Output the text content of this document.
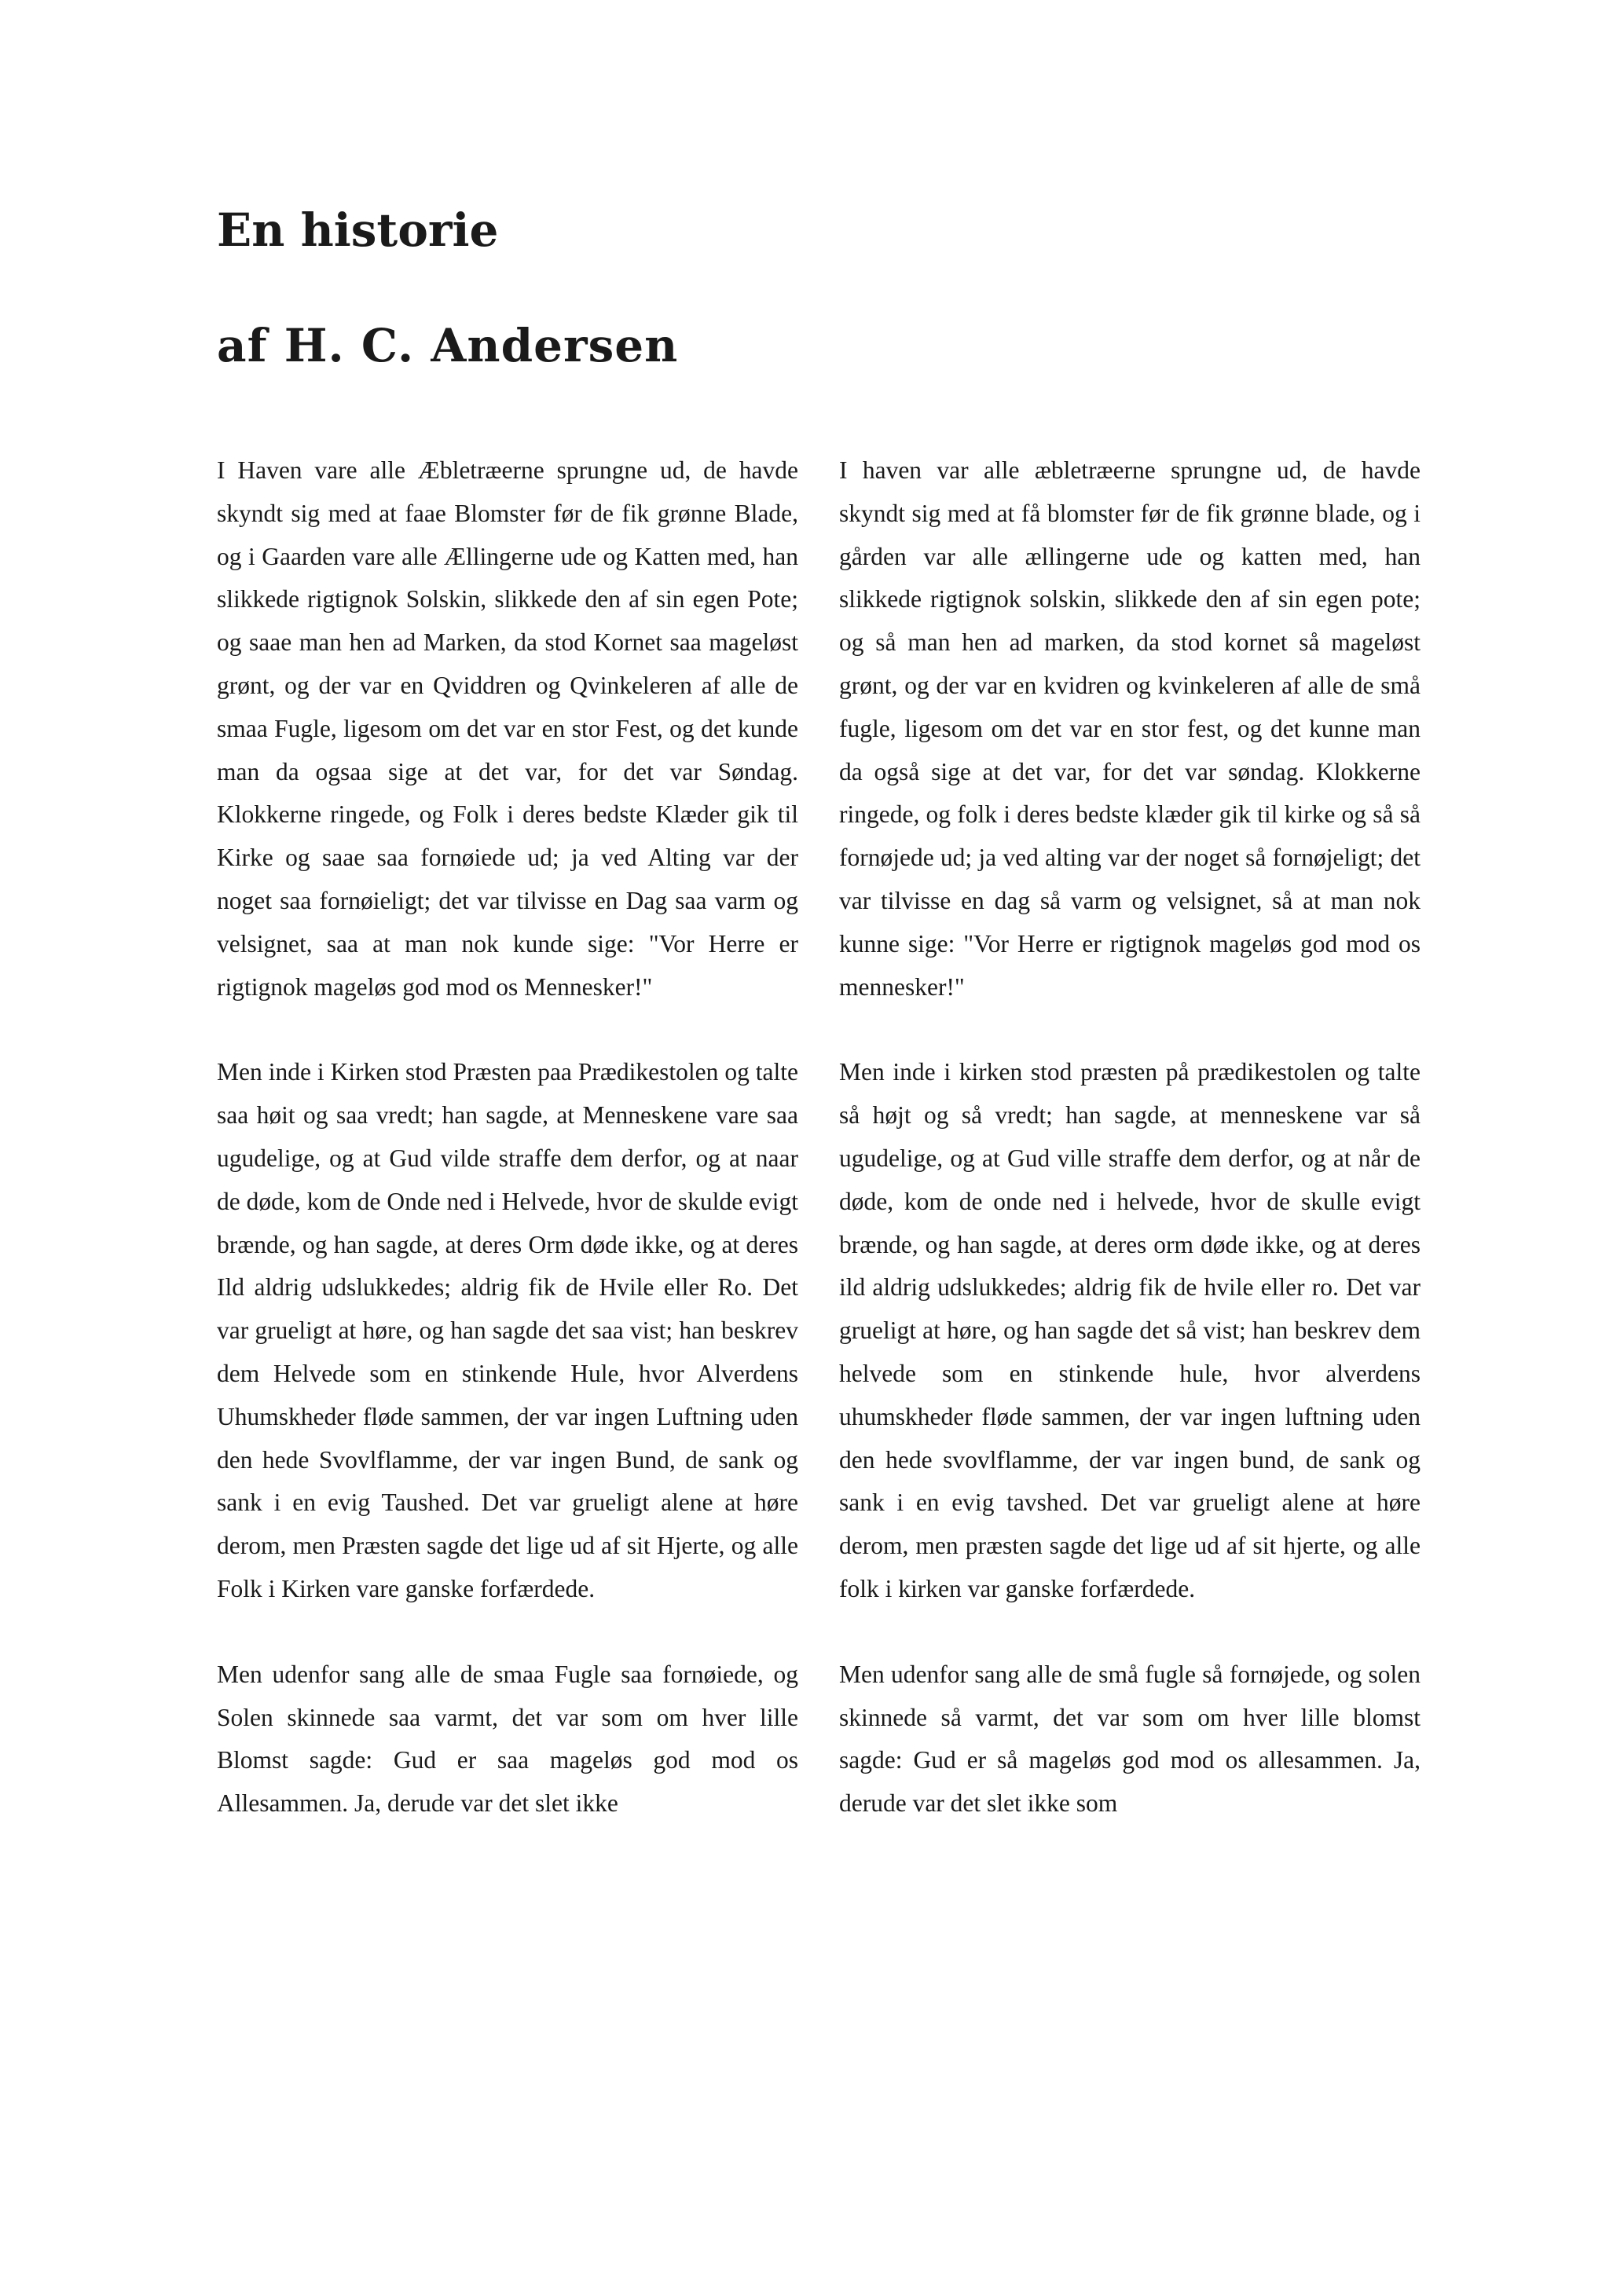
En historie
af H. C. Andersen

I Haven vare alle Æbletræerne sprungne ud, de havde skyndt sig med at faae Blomster før de fik grønne Blade, og i Gaarden vare alle Ællingerne ude og Katten med, han slikkede rigtignok Solskin, slikkede den af sin egen Pote; og saae man hen ad Marken, da stod Kornet saa mageløst grønt, og der var en Qviddren og Qvinkeleren af alle de smaa Fugle, ligesom om det var en stor Fest, og det kunde man da ogsaa sige at det var, for det var Søndag. Klokkerne ringede, og Folk i deres bedste Klæder gik til Kirke og saae saa fornøiede ud; ja ved Alting var der noget saa fornøieligt; det var tilvisse en Dag saa varm og velsignet, saa at man nok kunde sige: "Vor Herre er rigtignok mageløs god mod os Mennesker!"

Men inde i Kirken stod Præsten paa Prædikestolen og talte saa høit og saa vredt; han sagde, at Menneskene vare saa ugudelige, og at Gud vilde straffe dem derfor, og at naar de døde, kom de Onde ned i Helvede, hvor de skulde evigt brænde, og han sagde, at deres Orm døde ikke, og at deres Ild aldrig udslukkedes; aldrig fik de Hvile eller Ro. Det var grueligt at høre, og han sagde det saa vist; han beskrev dem Helvede som en stinkende Hule, hvor Alverdens Uhumskheder fløde sammen, der var ingen Luftning uden den hede Svovlflamme, der var ingen Bund, de sank og sank i en evig Taushed. Det var grueligt alene at høre derom, men Præsten sagde det lige ud af sit Hjerte, og alle Folk i Kirken vare ganske forfærdede.

Men udenfor sang alle de smaa Fugle saa fornøiede, og Solen skinnede saa varmt, det var som om hver lille Blomst sagde: Gud er saa mageløs god mod os Allesammen. Ja, derude var det slet ikke

I haven var alle æbletræerne sprungne ud, de havde skyndt sig med at få blomster før de fik grønne blade, og i gården var alle ællingerne ude og katten med, han slikkede rigtignok solskin, slikkede den af sin egen pote; og så man hen ad marken, da stod kornet så mageløst grønt, og der var en kvidren og kvinkeleren af alle de små fugle, ligesom om det var en stor fest, og det kunne man da også sige at det var, for det var søndag. Klokkerne ringede, og folk i deres bedste klæder gik til kirke og så så fornøjede ud; ja ved alting var der noget så fornøjeligt; det var tilvisse en dag så varm og velsignet, så at man nok kunne sige: "Vor Herre er rigtignok mageløs god mod os mennesker!"

Men inde i kirken stod præsten på prædikestolen og talte så højt og så vredt; han sagde, at menneskene var så ugudelige, og at Gud ville straffe dem derfor, og at når de døde, kom de onde ned i helvede, hvor de skulle evigt brænde, og han sagde, at deres orm døde ikke, og at deres ild aldrig udslukkedes; aldrig fik de hvile eller ro. Det var grueligt at høre, og han sagde det så vist; han beskrev dem helvede som en stinkende hule, hvor alverdens uhumskheder fløde sammen, der var ingen luftning uden den hede svovlflamme, der var ingen bund, de sank og sank i en evig tavshed. Det var grueligt alene at høre derom, men præsten sagde det lige ud af sit hjerte, og alle folk i kirken var ganske forfærdede.

Men udenfor sang alle de små fugle så fornøjede, og solen skinnede så varmt, det var som om hver lille blomst sagde: Gud er så mageløs god mod os allesammen. Ja, derude var det slet ikke som
